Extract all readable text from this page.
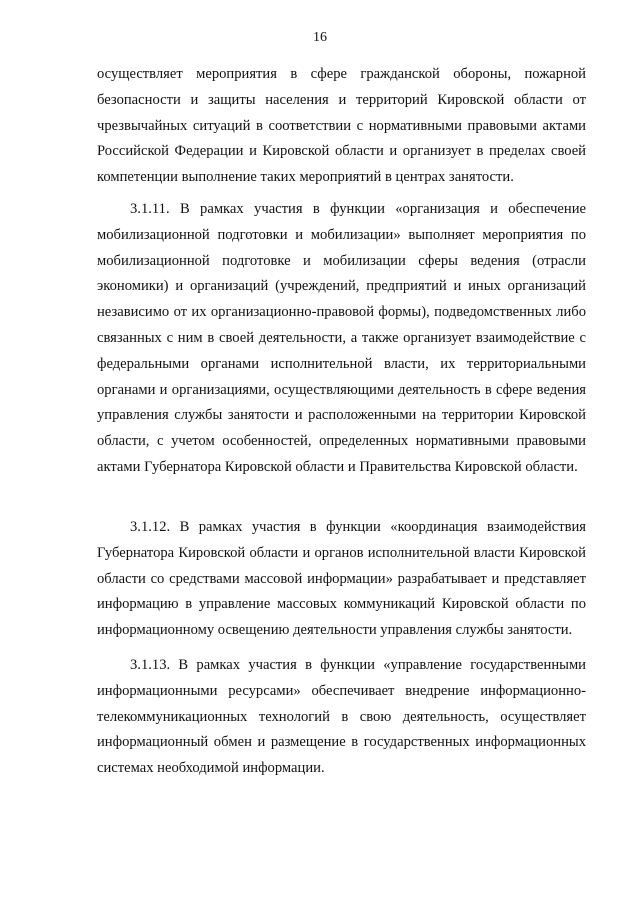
16

осуществляет мероприятия в сфере гражданской обороны, пожарной безопасности и защиты населения и территорий Кировской области от чрезвычайных ситуаций в соответствии с нормативными правовыми актами Российской Федерации и Кировской области и организует в пределах своей компетенции выполнение таких мероприятий в центрах занятости.

3.1.11. В рамках участия в функции «организация и обеспечение мобилизационной подготовки и мобилизации» выполняет мероприятия по мобилизационной подготовке и мобилизации сферы ведения (отрасли экономики) и организаций (учреждений, предприятий и иных организаций независимо от их организационно-правовой формы), подведомственных либо связанных с ним в своей деятельности, а также организует взаимодействие с федеральными органами исполнительной власти, их территориальными органами и организациями, осуществляющими деятельность в сфере ведения управления службы занятости и расположенными на территории Кировской области, с учетом особенностей, определенных нормативными правовыми актами Губернатора Кировской области и Правительства Кировской области.

3.1.12. В рамках участия в функции «координация взаимодействия Губернатора Кировской области и органов исполнительной власти Кировской области со средствами массовой информации» разрабатывает и представляет информацию в управление массовых коммуникаций Кировской области по информационному освещению деятельности управления службы занятости.

3.1.13. В рамках участия в функции «управление государственными информационными ресурсами» обеспечивает внедрение информационно-телекоммуникационных технологий в свою деятельность, осуществляет информационный обмен и размещение в государственных информационных системах необходимой информации.
